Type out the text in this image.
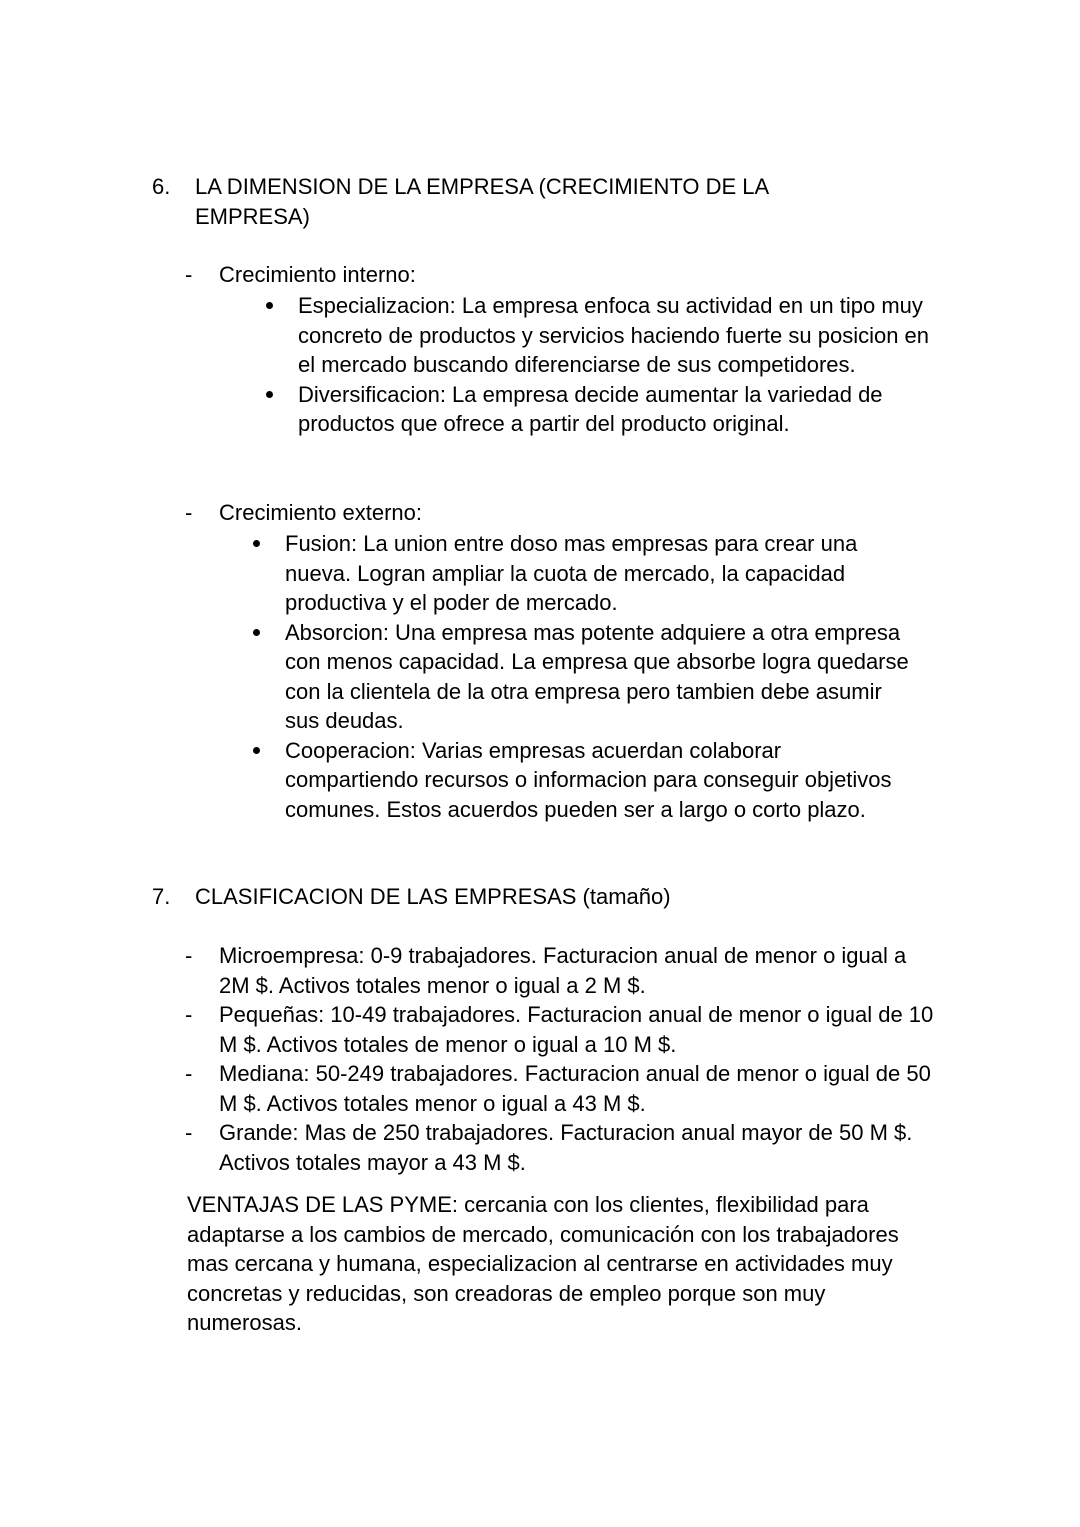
6.	LA DIMENSION DE LA EMPRESA (CRECIMIENTO DE LA EMPRESA)
-	Crecimiento interno:
Especializacion: La empresa enfoca su actividad en un tipo muy concreto de productos y servicios haciendo fuerte su posicion en el mercado buscando diferenciarse de sus competidores.
Diversificacion: La empresa decide aumentar la variedad de productos que ofrece a partir del producto original.
-	Crecimiento externo:
Fusion: La union entre doso mas empresas para crear una nueva. Logran ampliar la cuota de mercado, la capacidad productiva y el poder de mercado.
Absorcion: Una empresa mas potente adquiere a otra empresa con menos capacidad. La empresa que absorbe logra quedarse con la clientela de la otra empresa pero tambien debe asumir sus deudas.
Cooperacion: Varias empresas acuerdan colaborar compartiendo recursos o informacion para conseguir objetivos comunes. Estos acuerdos pueden ser a largo o corto plazo.
7.	CLASIFICACION DE LAS EMPRESAS (tamaño)
-	Microempresa: 0-9 trabajadores. Facturacion anual de menor o igual a 2M $. Activos totales menor o igual a 2 M $.
-	Pequeñas: 10-49 trabajadores. Facturacion anual de menor o igual de 10 M $. Activos totales de menor o igual a 10 M $.
-	Mediana: 50-249 trabajadores. Facturacion anual de menor o igual de 50 M $. Activos totales menor o igual a 43 M $.
-	Grande: Mas de 250 trabajadores. Facturacion anual mayor de 50 M $. Activos totales mayor a 43 M $.

VENTAJAS DE LAS PYME: cercania con los clientes, flexibilidad para adaptarse a los cambios de mercado, comunicación con los trabajadores mas cercana y humana, especializacion al centrarse en actividades muy concretas y reducidas, son creadoras de empleo porque son muy numerosas.
